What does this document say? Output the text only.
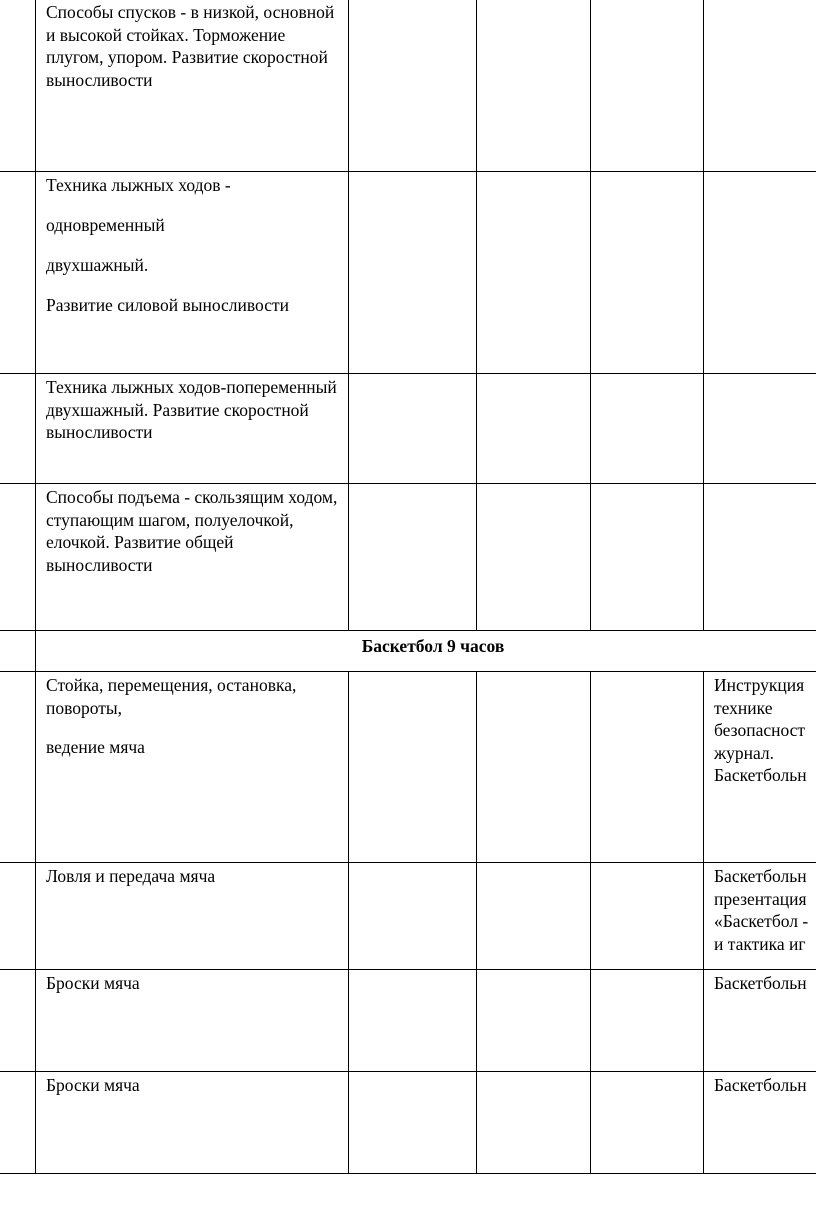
	Способы спусков - в низкой, основной и высокой стойках. Торможение плугом, упором. Развитие скоростной выносливости				

	Техника лыжных ходов -
одновременный
двухшажный.
Развитие силовой выносливости				

	Техника лыжных ходов-попеременный двухшажный. Развитие скоростной выносливости				

	Способы подъема - скользящим ходом, ступающим шагом, полуелочкой, елочкой. Развитие общей выносливости				

	Баскетбол 9 часов				

	Стойка, перемещения, остановка, повороты,
ведение мяча				Инструкция
технике
безопасност
журнал.
Баскетбольн

	Ловля и передача мяча				Баскетбольн
презентация
«Баскетбол -
и тактика иг

	Броски мяча				Баскетбольн

	Броски мяча				Баскетбольн
